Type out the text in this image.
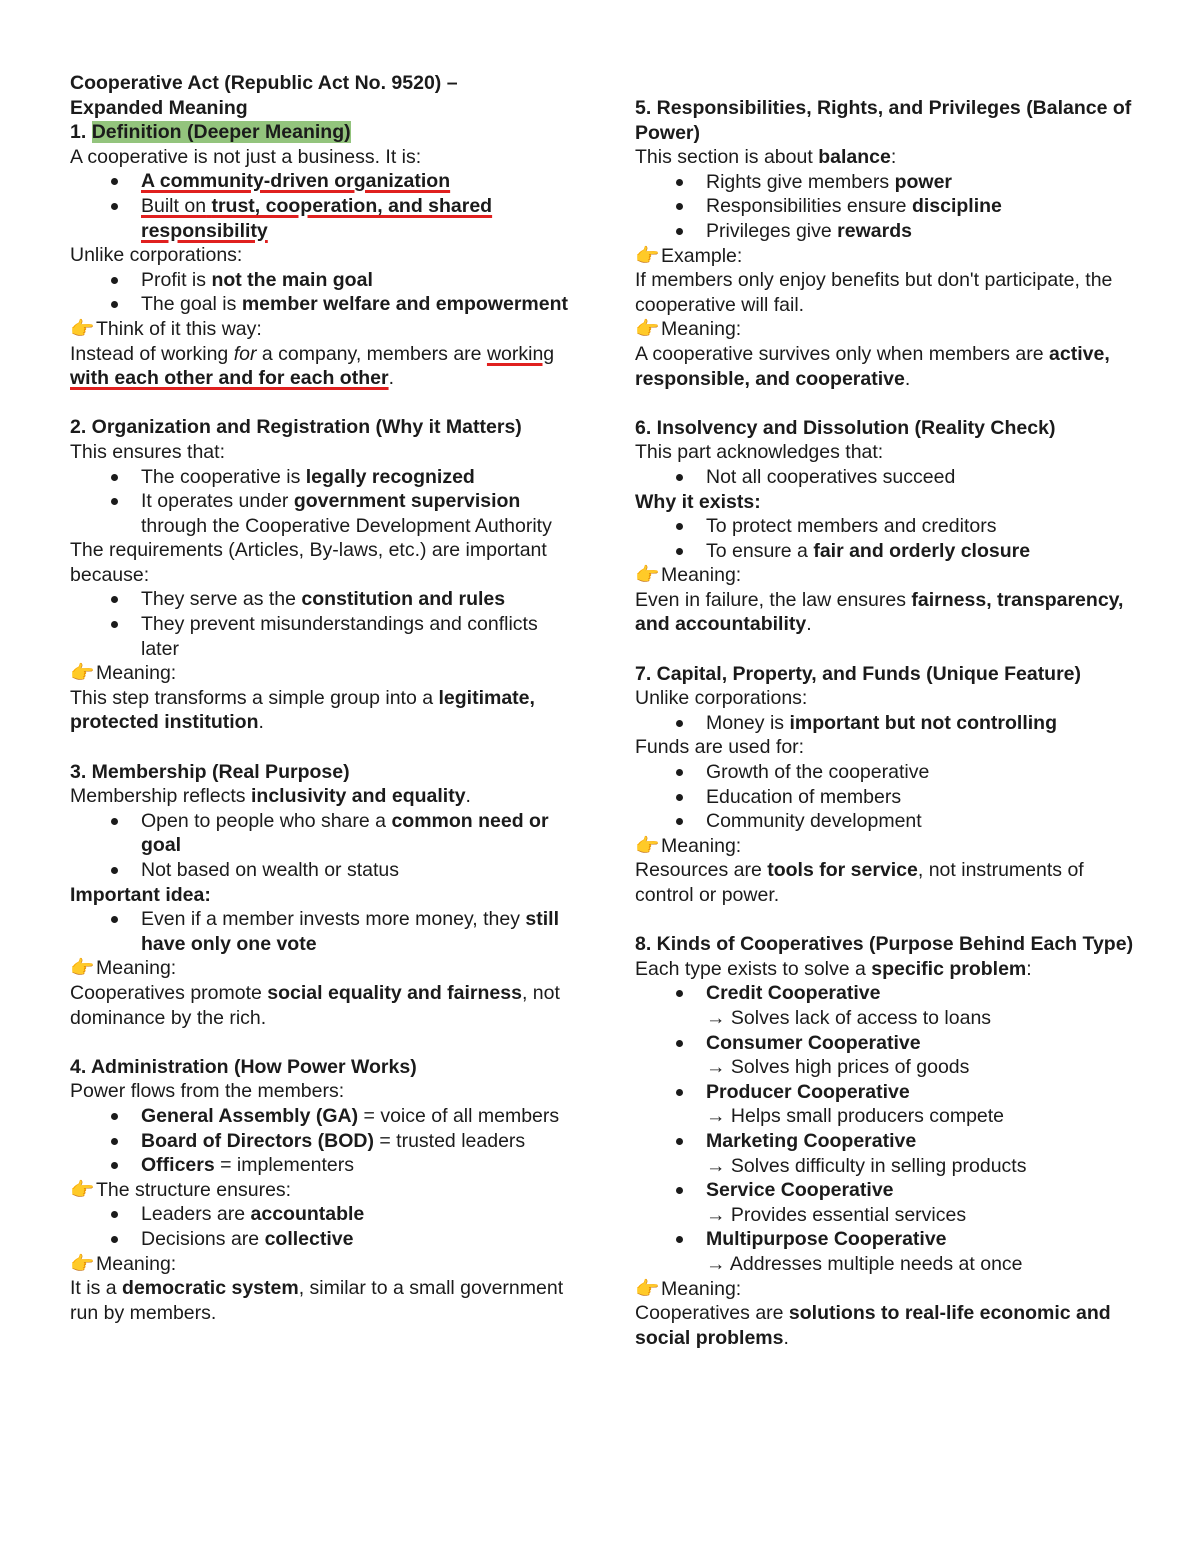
Cooperative Act (Republic Act No. 9520) –
Expanded Meaning

1. Definition (Deeper Meaning)

A cooperative is not just a business. It is:

A community-driven organization
Built on trust, cooperation, and shared responsibility

Unlike corporations:

Profit is not the main goal
The goal is member welfare and empowerment

👉Think of it this way:

Instead of working for a company, members are working with each other and for each other.

2. Organization and Registration (Why it Matters)

This ensures that:

The cooperative is legally recognized
It operates under government supervision through the Cooperative Development Authority

The requirements (Articles, By-laws, etc.) are important because:

They serve as the constitution and rules
They prevent misunderstandings and conflicts later

👉Meaning:

This step transforms a simple group into a legitimate, protected institution.

3. Membership (Real Purpose)

Membership reflects inclusivity and equality.

Open to people who share a common need or goal
Not based on wealth or status

Important idea:

Even if a member invests more money, they still have only one vote

👉Meaning:

Cooperatives promote social equality and fairness, not dominance by the rich.

4. Administration (How Power Works)

Power flows from the members:

General Assembly (GA) = voice of all members
Board of Directors (BOD) = trusted leaders
Officers = implementers

👉The structure ensures:

Leaders are accountable
Decisions are collective

👉Meaning:

It is a democratic system, similar to a small government run by members.

5. Responsibilities, Rights, and Privileges (Balance of Power)

This section is about balance:

Rights give members power
Responsibilities ensure discipline
Privileges give rewards

👉Example:

If members only enjoy benefits but don't participate, the cooperative will fail.

👉Meaning:

A cooperative survives only when members are active, responsible, and cooperative.

6. Insolvency and Dissolution (Reality Check)

This part acknowledges that:

Not all cooperatives succeed

Why it exists:

To protect members and creditors
To ensure a fair and orderly closure

👉Meaning:

Even in failure, the law ensures fairness, transparency, and accountability.

7. Capital, Property, and Funds (Unique Feature)

Unlike corporations:

Money is important but not controlling

Funds are used for:

Growth of the cooperative
Education of members
Community development

👉Meaning:

Resources are tools for service, not instruments of control or power.

8. Kinds of Cooperatives (Purpose Behind Each Type)

Each type exists to solve a specific problem:

Credit Cooperative
→ Solves lack of access to loans
Consumer Cooperative
→ Solves high prices of goods
Producer Cooperative
→ Helps small producers compete
Marketing Cooperative
→ Solves difficulty in selling products
Service Cooperative
→ Provides essential services
Multipurpose Cooperative
→ Addresses multiple needs at once

👉Meaning:

Cooperatives are solutions to real-life economic and social problems.
